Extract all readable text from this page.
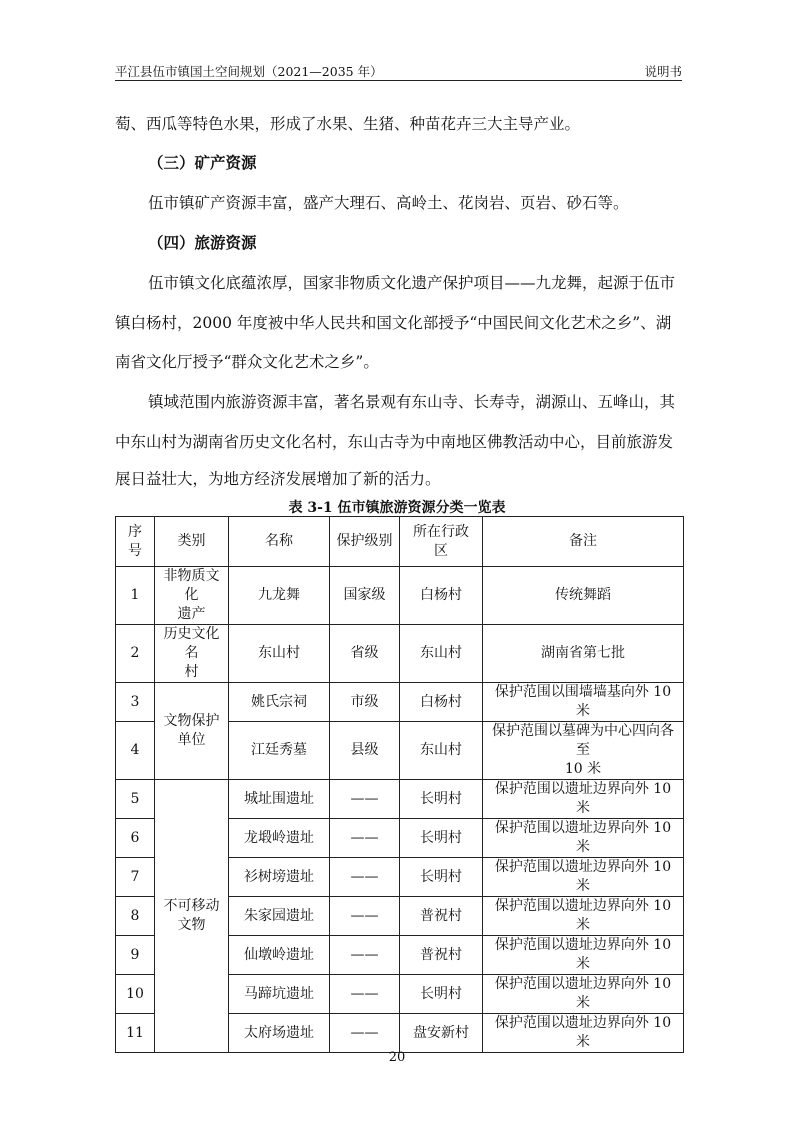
平江县伍市镇国土空间规划（2021—2035 年）	说明书
萄、西瓜等特色水果，形成了水果、生猪、种苗花卉三大主导产业。
（三）矿产资源
伍市镇矿产资源丰富，盛产大理石、高岭土、花岗岩、页岩、砂石等。
（四）旅游资源
伍市镇文化底蕴浓厚，国家非物质文化遗产保护项目——九龙舞，起源于伍市
镇白杨村，2000 年度被中华人民共和国文化部授予“中国民间文化艺术之乡”、湖
南省文化厅授予“群众文化艺术之乡”。
镇域范围内旅游资源丰富，著名景观有东山寺、长寿寺，湖源山、五峰山，其
中东山村为湖南省历史文化名村，东山古寺为中南地区佛教活动中心，目前旅游发
展日益壮大，为地方经济发展增加了新的活力。
表 3-1 伍市镇旅游资源分类一览表
序
号	类别	名称	保护级别	所在行政
区	备注
1	非物质文化
遗产	九龙舞	国家级	白杨村	传统舞蹈
2	历史文化名
村	东山村	省级	东山村	湖南省第七批
3	文物保护
单位	姚氏宗祠	市级	白杨村	保护范围以围墙墙基向外 10 米
4		江廷秀墓	县级	东山村	保护范围以墓碑为中心四向各至
10 米
5	不可移动
文物	城址围遗址	——	长明村	保护范围以遗址边界向外 10 米
6		龙塅岭遗址	——	长明村	保护范围以遗址边界向外 10 米
7		衫树塝遗址	——	长明村	保护范围以遗址边界向外 10 米
8		朱家园遗址	——	普祝村	保护范围以遗址边界向外 10 米
9		仙墩岭遗址	——	普祝村	保护范围以遗址边界向外 10 米
10		马蹄坑遗址	——	长明村	保护范围以遗址边界向外 10 米
11		太府场遗址	——	盘安新村	保护范围以遗址边界向外 10 米
20
